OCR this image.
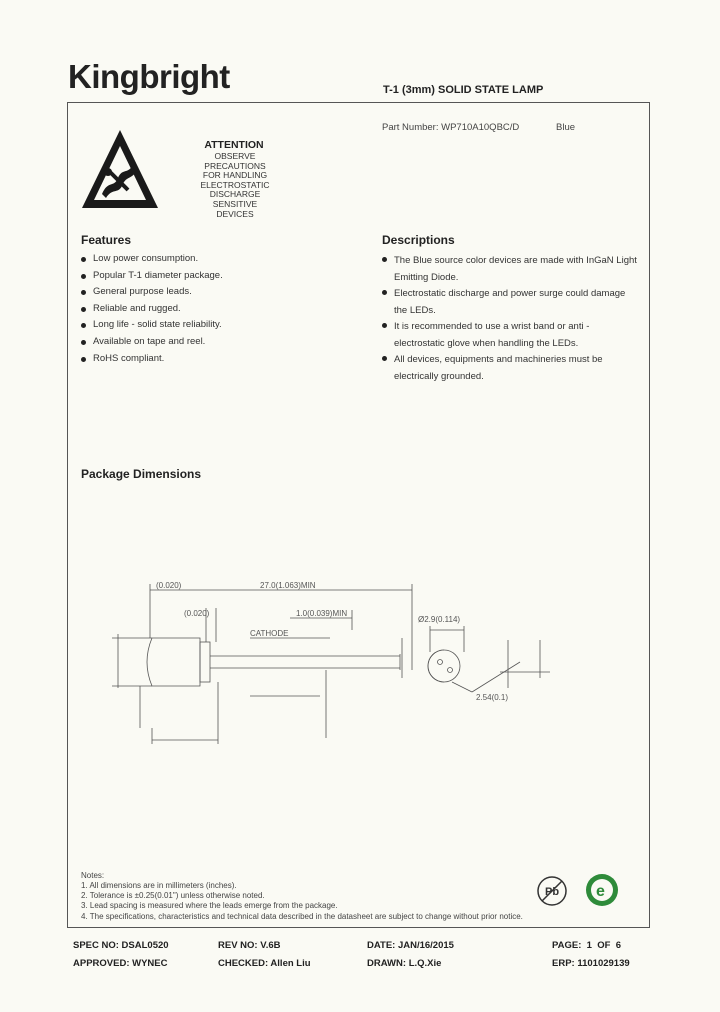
Kingbright	T-1 (3mm) SOLID STATE LAMP
Part Number: WP710A10QBC/D	Blue
ATTENTION
OBSERVE PRECAUTIONS
FOR HANDLING
ELECTROSTATIC
DISCHARGE
SENSITIVE
DEVICES
Features
Low power consumption.
Popular T-1 diameter package.
General purpose leads.
Reliable and rugged.
Long life - solid state reliability.
Available on tape and reel.
RoHS compliant.
Descriptions
The Blue source color devices are made with InGaN Light Emitting Diode.
Electrostatic discharge and power surge could damage the LEDs.
It is recommended to use a wrist band or anti - electrostatic glove when handling the LEDs.
All devices, equipments and machineries must be electrically grounded.
Package Dimensions
(0.020)	27.0(1.063)MIN
1.0(0.039)MIN
(0.020)
CATHODE
Ø2.9(0.114)
2.54(0.1)
Notes:
1. All dimensions are in millimeters (inches).
2. Tolerance is ±0.25(0.01") unless otherwise noted.
3. Lead spacing is measured where the leads emerge from the package.
4. The specifications, characteristics and technical data described in the datasheet are subject to change without prior notice.
Pb e
SPEC NO: DSAL0520	REV NO: V.6B	DATE: JAN/16/2015	PAGE:  1  OF  6
APPROVED: WYNEC	CHECKED: Allen Liu	DRAWN: L.Q.Xie	ERP: 1101029139
